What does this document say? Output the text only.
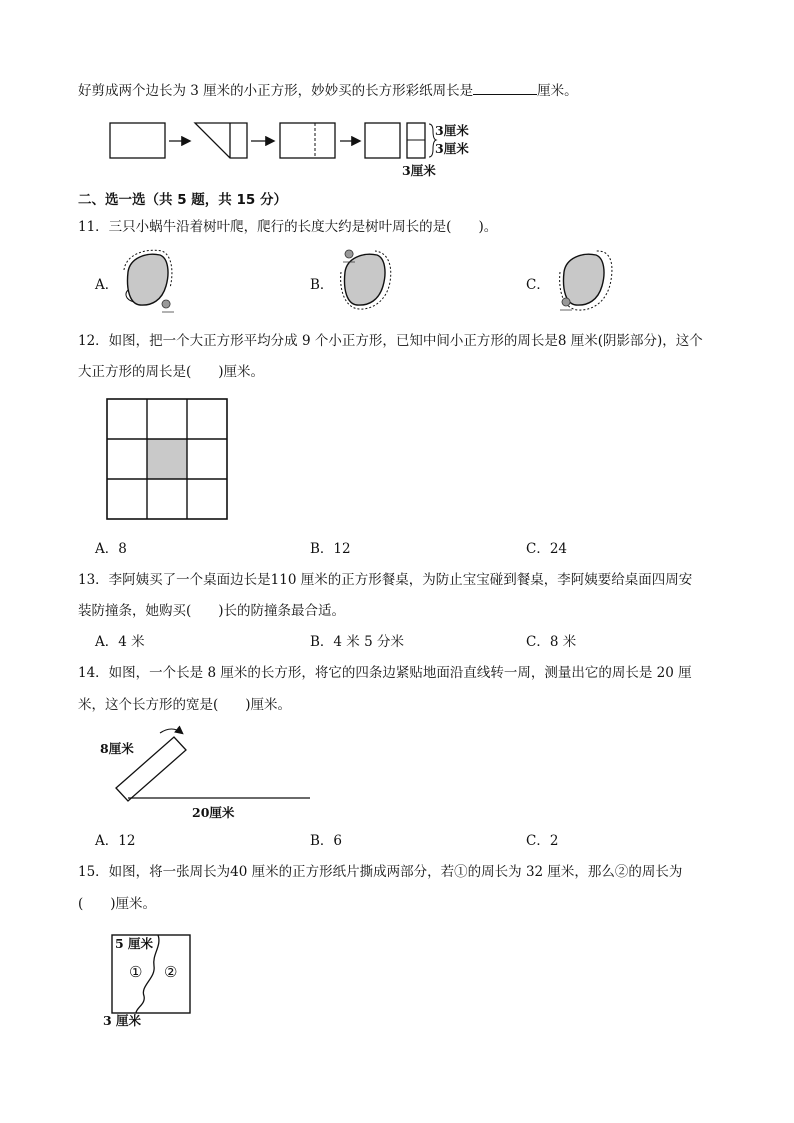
好剪成两个边长为 3 厘米的小正方形，妙妙买的长方形彩纸周长是	厘米。
3厘米
3厘米
3厘米
二、选一选（共 5 题，共 15 分）
11．三只小蜗牛沿着树叶爬，爬行的长度大约是树叶周长的是(　　)。
A．	B．	C．
12．如图，把一个大正方形平均分成 9 个小正方形，已知中间小正方形的周长是8 厘米(阴影部分)，这个
大正方形的周长是(　　)厘米。
A．8	B．12	C．24
13．李阿姨买了一个桌面边长是110 厘米的正方形餐桌，为防止宝宝碰到餐桌，李阿姨要给桌面四周安
装防撞条，她购买(　　)长的防撞条最合适。
A．4 米	B．4 米 5 分米	C．8 米
14．如图，一个长是 8 厘米的长方形，将它的四条边紧贴地面沿直线转一周，测量出它的周长是 20 厘
米，这个长方形的宽是(　　)厘米。
8厘米
20厘米
A．12	B．6	C．2
15．如图，将一张周长为40 厘米的正方形纸片撕成两部分，若①的周长为 32 厘米，那么②的周长为
(　　)厘米。
5 厘米
① ②
3 厘米
